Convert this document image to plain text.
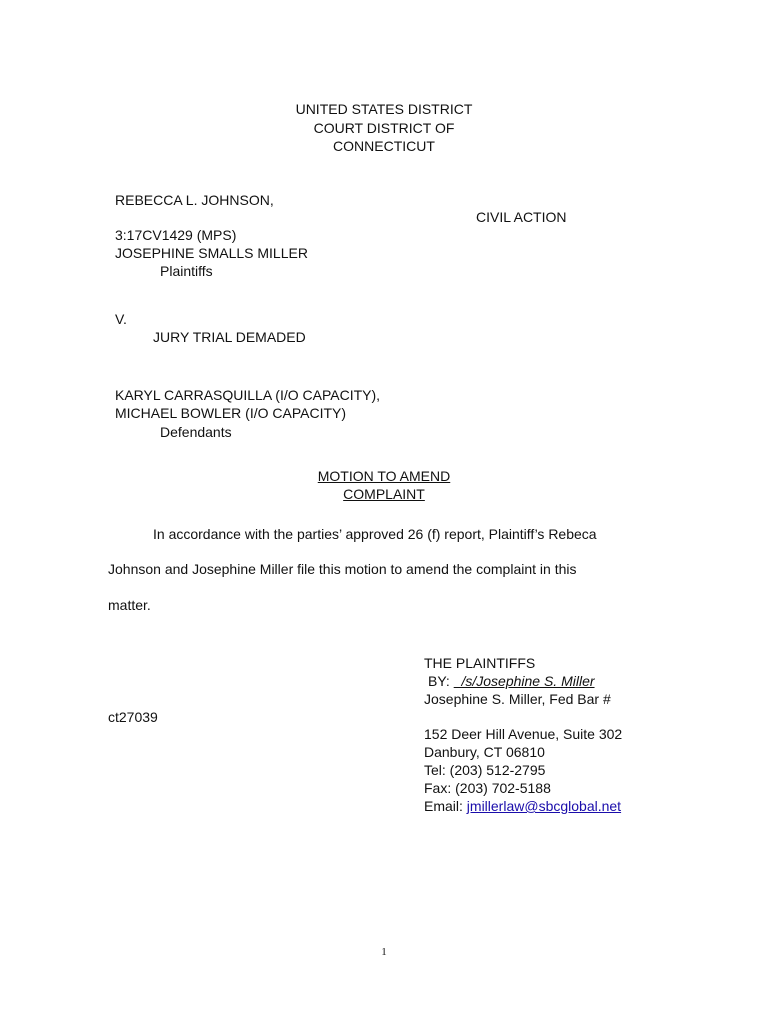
UNITED STATES DISTRICT
COURT DISTRICT OF
CONNECTICUT
REBECCA L. JOHNSON,
CIVIL ACTION
3:17CV1429 (MPS)
JOSEPHINE SMALLS MILLER
Plaintiffs
V.
JURY TRIAL DEMADED
KARYL CARRASQUILLA (I/O CAPACITY),
MICHAEL BOWLER (I/O CAPACITY)
Defendants
MOTION TO AMEND
COMPLAINT
In accordance with the parties’ approved 26 (f) report, Plaintiff’s Rebeca
Johnson and Josephine Miller file this motion to amend the complaint in this
matter.
THE PLAINTIFFS
BY: /s/Josephine S. Miller
Josephine S. Miller, Fed Bar #
ct27039
152 Deer Hill Avenue, Suite 302
Danbury, CT 06810
Tel: (203) 512-2795
Fax: (203) 702-5188
Email: jmillerlaw@sbcglobal.net
1
